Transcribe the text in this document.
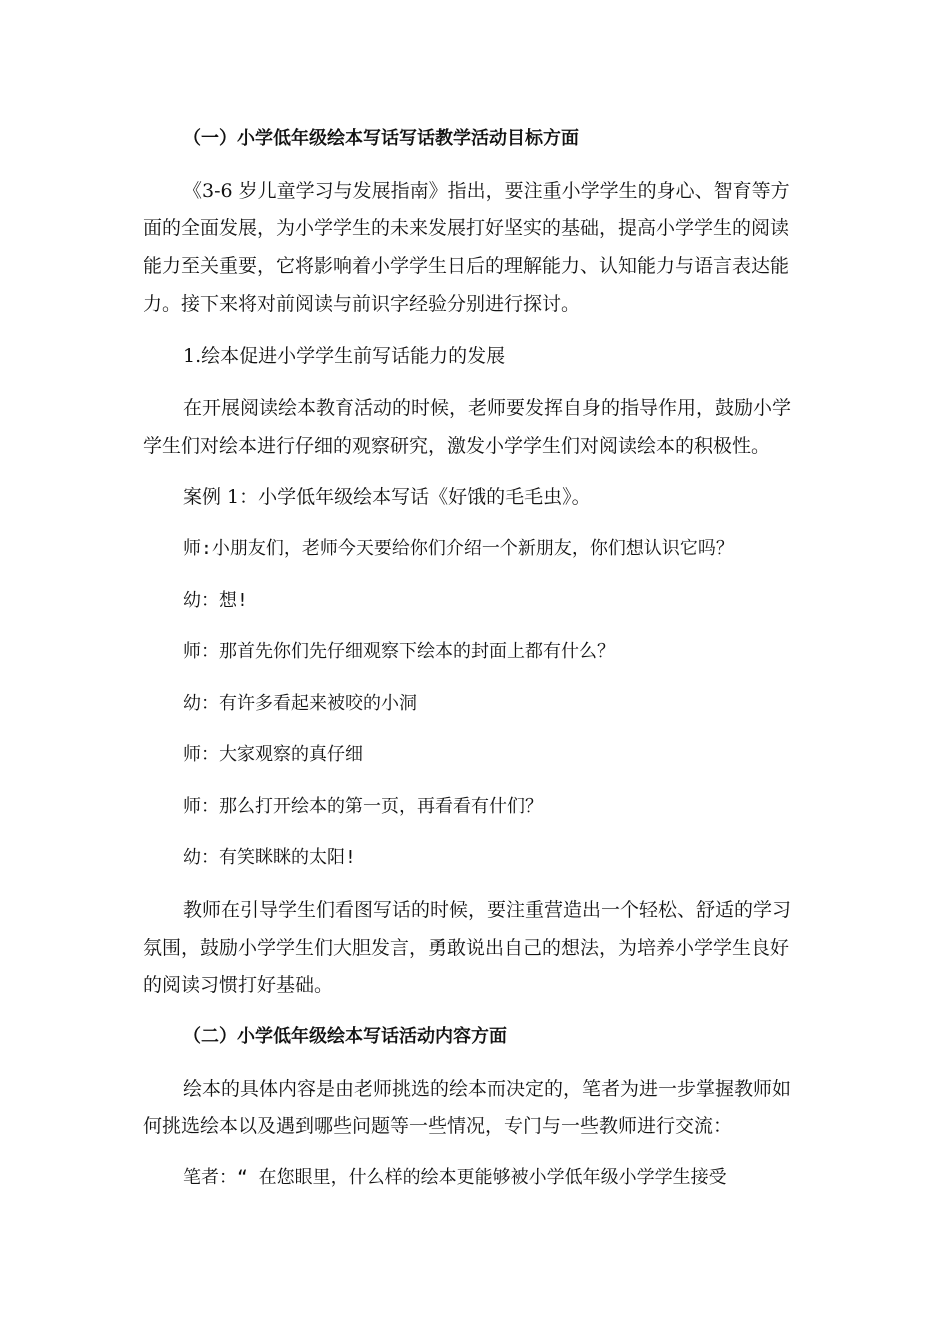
（一）小学低年级绘本写话写话教学活动目标方面
《3-6 岁儿童学习与发展指南》指出，要注重小学学生的身心、智育等方
面的全面发展，为小学学生的未来发展打好坚实的基础，提高小学学生的阅读
能力至关重要，它将影响着小学学生日后的理解能力、认知能力与语言表达能
力。接下来将对前阅读与前识字经验分别进行探讨。
1.绘本促进小学学生前写话能力的发展
在开展阅读绘本教育活动的时候，老师要发挥自身的指导作用，鼓励小学
学生们对绘本进行仔细的观察研究，激发小学学生们对阅读绘本的积极性。
案例 1：小学低年级绘本写话《好饿的毛毛虫》。
师:小朋友们，老师今天要给你们介绍一个新朋友，你们想认识它吗？
幼：想!
师：那首先你们先仔细观察下绘本的封面上都有什么？
幼：有许多看起来被咬的小洞
师：大家观察的真仔细
师：那么打开绘本的第一页，再看看有什们？
幼：有笑眯眯的太阳!
教师在引导学生们看图写话的时候，要注重营造出一个轻松、舒适的学习
氛围，鼓励小学学生们大胆发言，勇敢说出自己的想法，为培养小学学生良好
的阅读习惯打好基础。
（二）小学低年级绘本写话活动内容方面
绘本的具体内容是由老师挑选的绘本而决定的，笔者为进一步掌握教师如
何挑选绘本以及遇到哪些问题等一些情况，专门与一些教师进行交流：
笔者：“ 在您眼里，什么样的绘本更能够被小学低年级小学学生接受
